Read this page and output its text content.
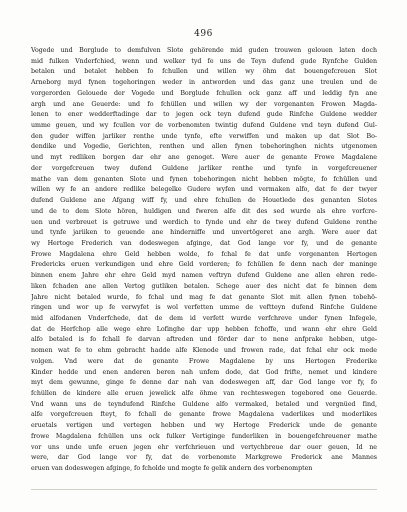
496
Vogede und Borglude to demfulven Slote gehörende mid guden trouwen gelouen laten doch
mid fulken Vnderfchied, wenn und welker tyd fe uns de Teyn dufend gude Rynfche Gulden
betalen und betalet hebben fo fchullen und willen wy öhm dat bouengefcreuen Slot
Arneborg myd fynen togehoringen weder in antworden und das ganz une treulen und de
vorgerorden Gelouede der Vogede und Borglude fchullen ock ganz aff und leddig fyn ane
argh und ane Geuerde: und fo fchüllen und willen wy der vorgenanten Frowen Magda-
lenen to ener wedderftadinge dar to jegen ock teyn dufend gude Rinfche Guldene wedder
umme geuen, und wy fcullen vor de vorbenomten twintig dufend Guldene vnd teyn dufend Gul-
den guder wiffen jarliker renthe unde tynfe, efte verwiffen und maken up dat Slot Bo-
dendike und Vogedie, Gerichten, renthen und allen fynen tobehoringhen nichts utgenomen
und myt redliken borgen dar ehr ane genoget. Were auer de genante Frowe Magdalene
der vorgefcreuen twey dufend Guldene jarliker renthe und tynfe in vorgefcreuener
mathe van dem genanten Slote und fynen tobehoringen nicht hebben mögte, fo fchüllen und
willen wy fe an andere redlike belegelke Gudere wyfen und vermaken alfo, dat fe der twyer
dufend Guldene ane Afgang wiff fy, und ehre fchullen de Houetlede des genanten Slotes
und de to dem Slote hören, huldigen und fweren alfe dit des sed wurde als ehre vorfcre-
uen und verbreuet is getruwe und werdich to fynde und ehr de twey dufend Guldene renthe
und tynfe jariiken to geuende ane hinderniffe und unvertögeret ane argh. Were auer dat
wy Hertoge Frederich van dodeswegen afginge, dat God lange vor fy, und de genante
Frowe Magdalena ehre Geld hebben wolde, fo fchal fe dat unfe vorgenanten Hertogen
Fredericks eruen verkundigen und ehre Geld vorderen; fo fchüllen fe denn nach der maninge
binnen enem Jahre ehr ehre Geld myd namen veftryn dufend Guldene ane allen ehren rede-
liken fchaden ane allen Vertog gutliken betalen. Schege auer des nicht dat fe binnen dem
Jahre nicht betaled wurde, fo fchal und mag fe dat genante Slot mit allen fynen tobehö-
ringen und wor up fe verwyfet is wol verfetten umme de veftteyn dufend Rinfche Guldene
mid alfodanen Vnderfchede, dat de dem id verfett wurde verfchreve under fynen Infegele,
dat de Herfchop alle wege ehre Lofinghe dar upp hebben fchoffe, und wann ehr ehre Geld
alfo betaled is fo fchall fe darvan aftreden und förder dar to nene anfprake hebben, utge-
nomen wat fe to ehm gebracht hadde alfe Klenode und frowen rade, dat fchal ehr ock mede
volgen. Vnd were dat de genante Frowe Magdalene by uns Hertogen Frederike
Kinder hedde und enen anderen beren nah unfem dode, dat God frifte, nemet und kindere
myt dem gewunne, ginge fe denne dar nah van dodeswegen aff, dar God lange vor fy, fo
fchüllen de kindere alle eruen jewelick alfe öhme van rechteswegen togebored one Geuerde.
Vnd wann uns de teyndufend Rinfche Guldene alfo vermaked, betaled und vergnüed find,
alfe vorgefcreuen fteyt, fo fchall de genante frowe Magdalena vaderlikes und moderlikes
eruetals vertigen und vertegen hebben und wy Hertoge Frederick unde de genante
frowe Magdalena fchüllen uns ock fulker Vertiginge funderliken in bouengefchreuener mathe
vor uns unde unfe eruen jegen ehr verfchrieuen und vertychbreue dar ouer geuen, Id ne
were, dar God lange vor fy, dat de vorbenomte Markgrewe Frederick ane Mannes
eruen van dodeswegen afginge, fo fcholde und mogte fe gelik andern des vorbenompten
